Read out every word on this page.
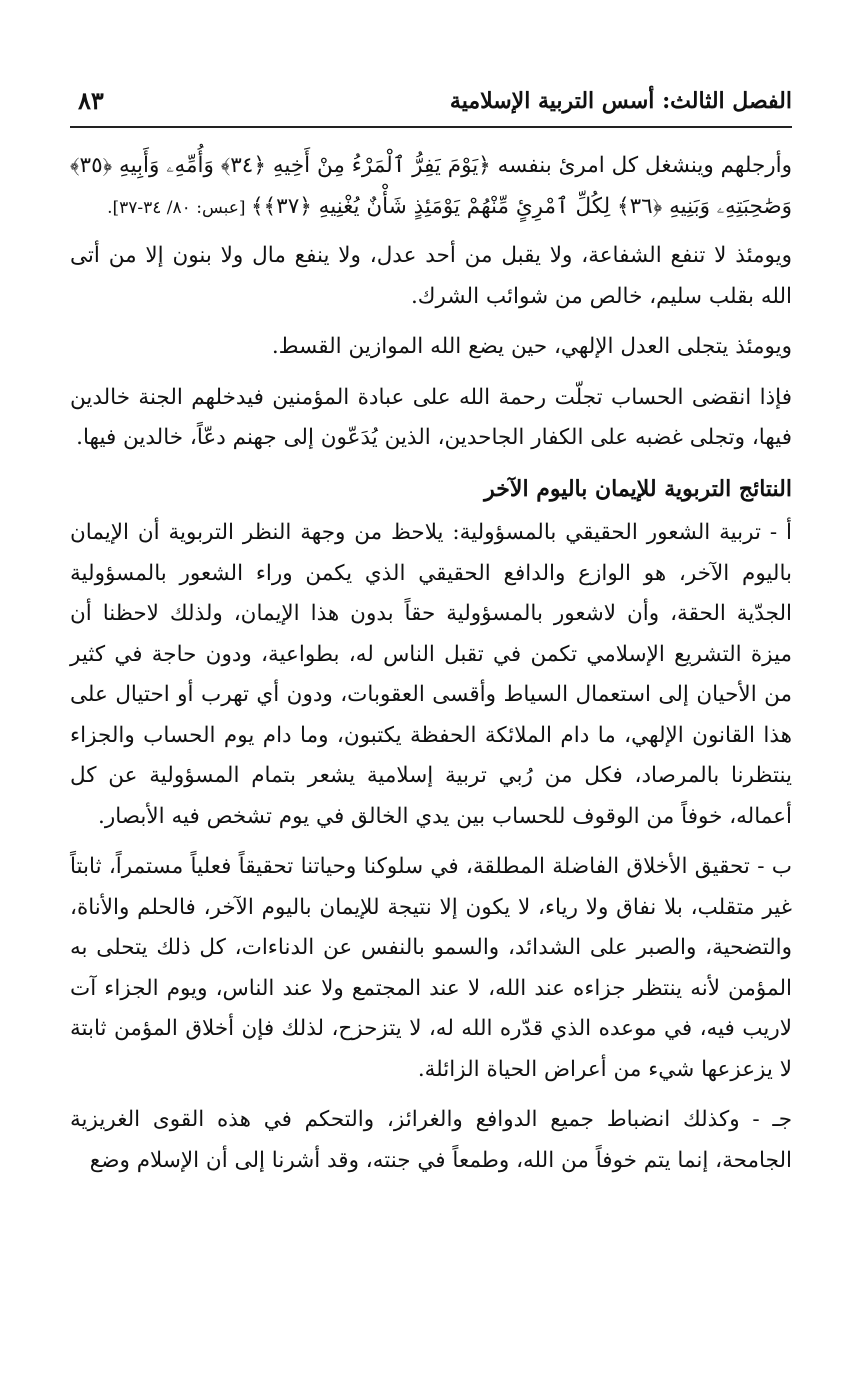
الفصل الثالث: أسس التربية الإسلامية
٨٣

وأرجلهم وينشغل كل امرئ بنفسه ﴿يَوْمَ يَفِرُّ ٱلْمَرْءُ مِنْ أَخِيهِ ﴿٣٤﴾ وَأُمِّهِۦ وَأَبِيهِ ﴿٣٥﴾ وَصَٰحِبَتِهِۦ وَبَنِيهِ ﴿٣٦﴾ لِكُلِّ ٱمْرِئٍ مِّنْهُمْ يَوْمَئِذٍ شَأْنٌ يُغْنِيهِ ﴿٣٧﴾﴾ [عبس: ٨٠/ ٣٤-٣٧].

ويومئذ لا تنفع الشفاعة، ولا يقبل من أحد عدل، ولا ينفع مال ولا بنون إلا من أتى الله بقلب سليم، خالص من شوائب الشرك.

ويومئذ يتجلى العدل الإلهي، حين يضع الله الموازين القسط.

فإذا انقضى الحساب تجلّت رحمة الله على عبادة المؤمنين فيدخلهم الجنة خالدين فيها، وتجلى غضبه على الكفار الجاحدين، الذين يُدَعّون إلى جهنم دعّاً، خالدين فيها.

النتائج التربوية للإيمان باليوم الآخر

أ - تربية الشعور الحقيقي بالمسؤولية: يلاحظ من وجهة النظر التربوية أن الإيمان باليوم الآخر، هو الوازع والدافع الحقيقي الذي يكمن وراء الشعور بالمسؤولية الجدّية الحقة، وأن لاشعور بالمسؤولية حقاً بدون هذا الإيمان، ولذلك لاحظنا أن ميزة التشريع الإسلامي تكمن في تقبل الناس له، بطواعية، ودون حاجة في كثير من الأحيان إلى استعمال السياط وأقسى العقوبات، ودون أي تهرب أو احتيال على هذا القانون الإلهي، ما دام الملائكة الحفظة يكتبون، وما دام يوم الحساب والجزاء ينتظرنا بالمرصاد، فكل من رُبي تربية إسلامية يشعر بتمام المسؤولية عن كل أعماله، خوفاً من الوقوف للحساب بين يدي الخالق في يوم تشخص فيه الأبصار.

ب - تحقيق الأخلاق الفاضلة المطلقة، في سلوكنا وحياتنا تحقيقاً فعلياً مستمراً، ثابتاً غير متقلب، بلا نفاق ولا رياء، لا يكون إلا نتيجة للإيمان باليوم الآخر، فالحلم والأناة، والتضحية، والصبر على الشدائد، والسمو بالنفس عن الدناءات، كل ذلك يتحلى به المؤمن لأنه ينتظر جزاءه عند الله، لا عند المجتمع ولا عند الناس، ويوم الجزاء آت لاريب فيه، في موعده الذي قدّره الله له، لا يتزحزح، لذلك فإن أخلاق المؤمن ثابتة لا يزعزعها شيء من أعراض الحياة الزائلة.

جـ - وكذلك انضباط جميع الدوافع والغرائز، والتحكم في هذه القوى الغريزية الجامحة، إنما يتم خوفاً من الله، وطمعاً في جنته، وقد أشرنا إلى أن الإسلام وضع
